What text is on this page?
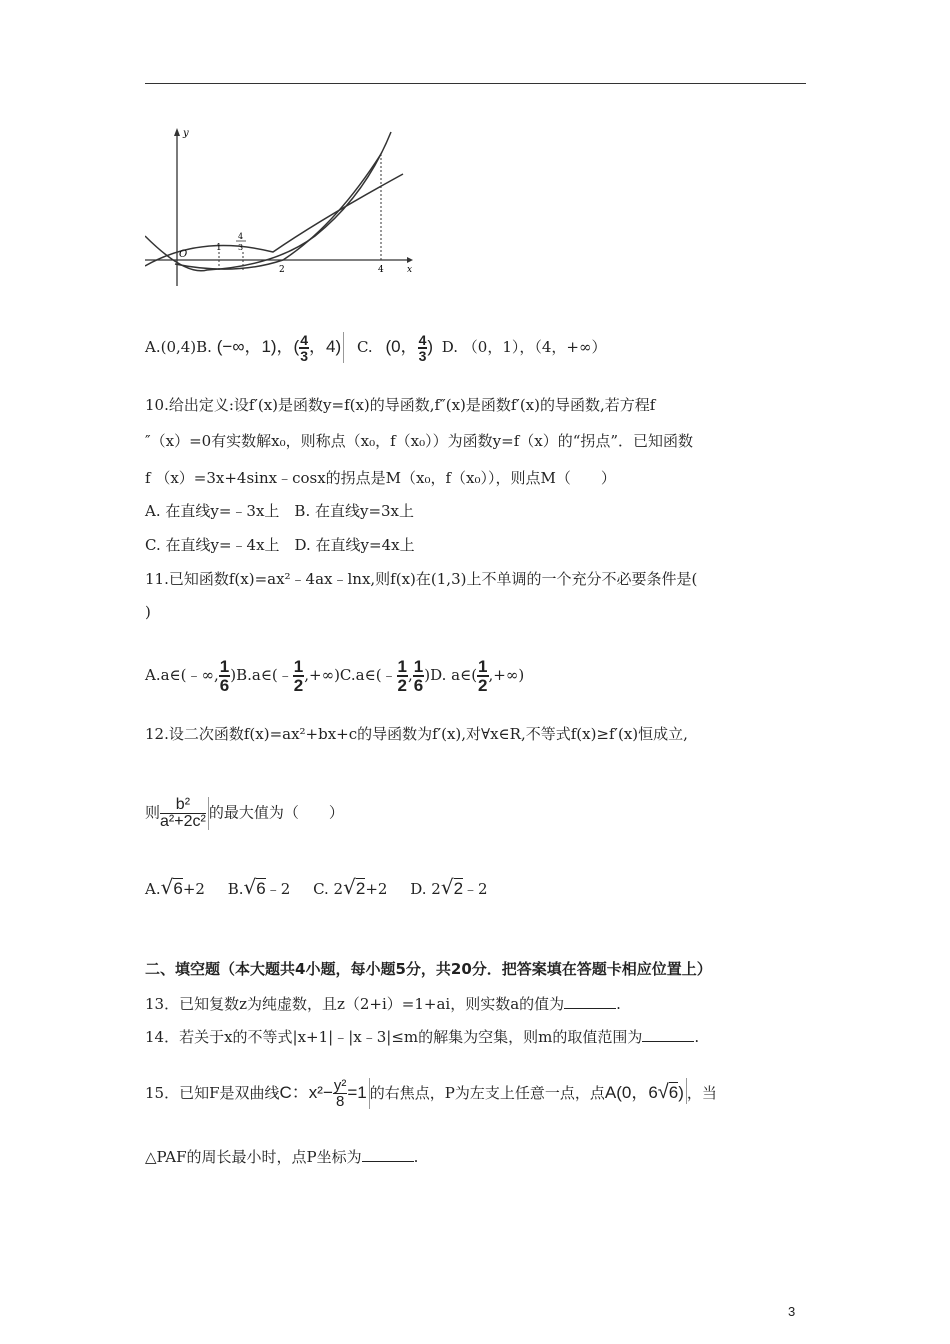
y
x
O
1
4
3
2	4
A.(0,4)B. (−∞，1)，( $\frac{4}{3}$ ，4) C. (0， $\frac{4}{3}$ ) D. （0，1），（4，+∞）
10.给出定义:设f′(x)是函数y=f(x)的导函数,f″(x)是函数f′(x)的导函数,若方程f
″（x）=0有实数解x₀，则称点（x₀，f（x₀））为函数y=f（x）的“拐点”．已知函数
f （x）=3x+4sinx﹣cosx的拐点是M（x₀，f（x₀）），则点M（　　）
A. 在直线y=﹣3x上　B. 在直线y=3x上
C. 在直线y=﹣4x上　D. 在直线y=4x上
11.已知函数f(x)=ax²﹣4ax﹣lnx,则f(x)在(1,3)上不单调的一个充分不必要条件是(
)
A.a∈(﹣∞, $\frac{1}{6}$ )B.a∈(﹣ $\frac{1}{2}$ ,+∞)C.a∈(﹣ $\frac{1}{2}$ , $\frac{1}{6} )D$. a∈( $\frac{1}{2}$ ,+∞)
12.设二次函数f(x)=ax²+bx+c的导函数为f′(x),对∀x∈R,不等式f(x)≥f′(x)恒成立,
则 $\frac{\text{b²}}{\text{a²+2c²}}$ 的最大值为（　　）
A.√6+2 B.√6﹣2 C. 2√2+2 D. 2√2﹣2
二、填空题（本大题共4小题，每小题5分，共20分．把答案填在答题卡相应位置上）
13．已知复数z为纯虚数，且z（2+i）=1+ai，则实数a的值为	.
14．若关于x的不等式|x+1|﹣|x﹣3|≤m的解集为空集，则m的取值范围为	.
15．已知F是双曲线C：$x^2- \frac{\text{y²}}{8} =1$ 的右焦点，P为左支上任意一点，点A(0，6√6) ，当
△PAF的周长最小时，点P坐标为	.
3
